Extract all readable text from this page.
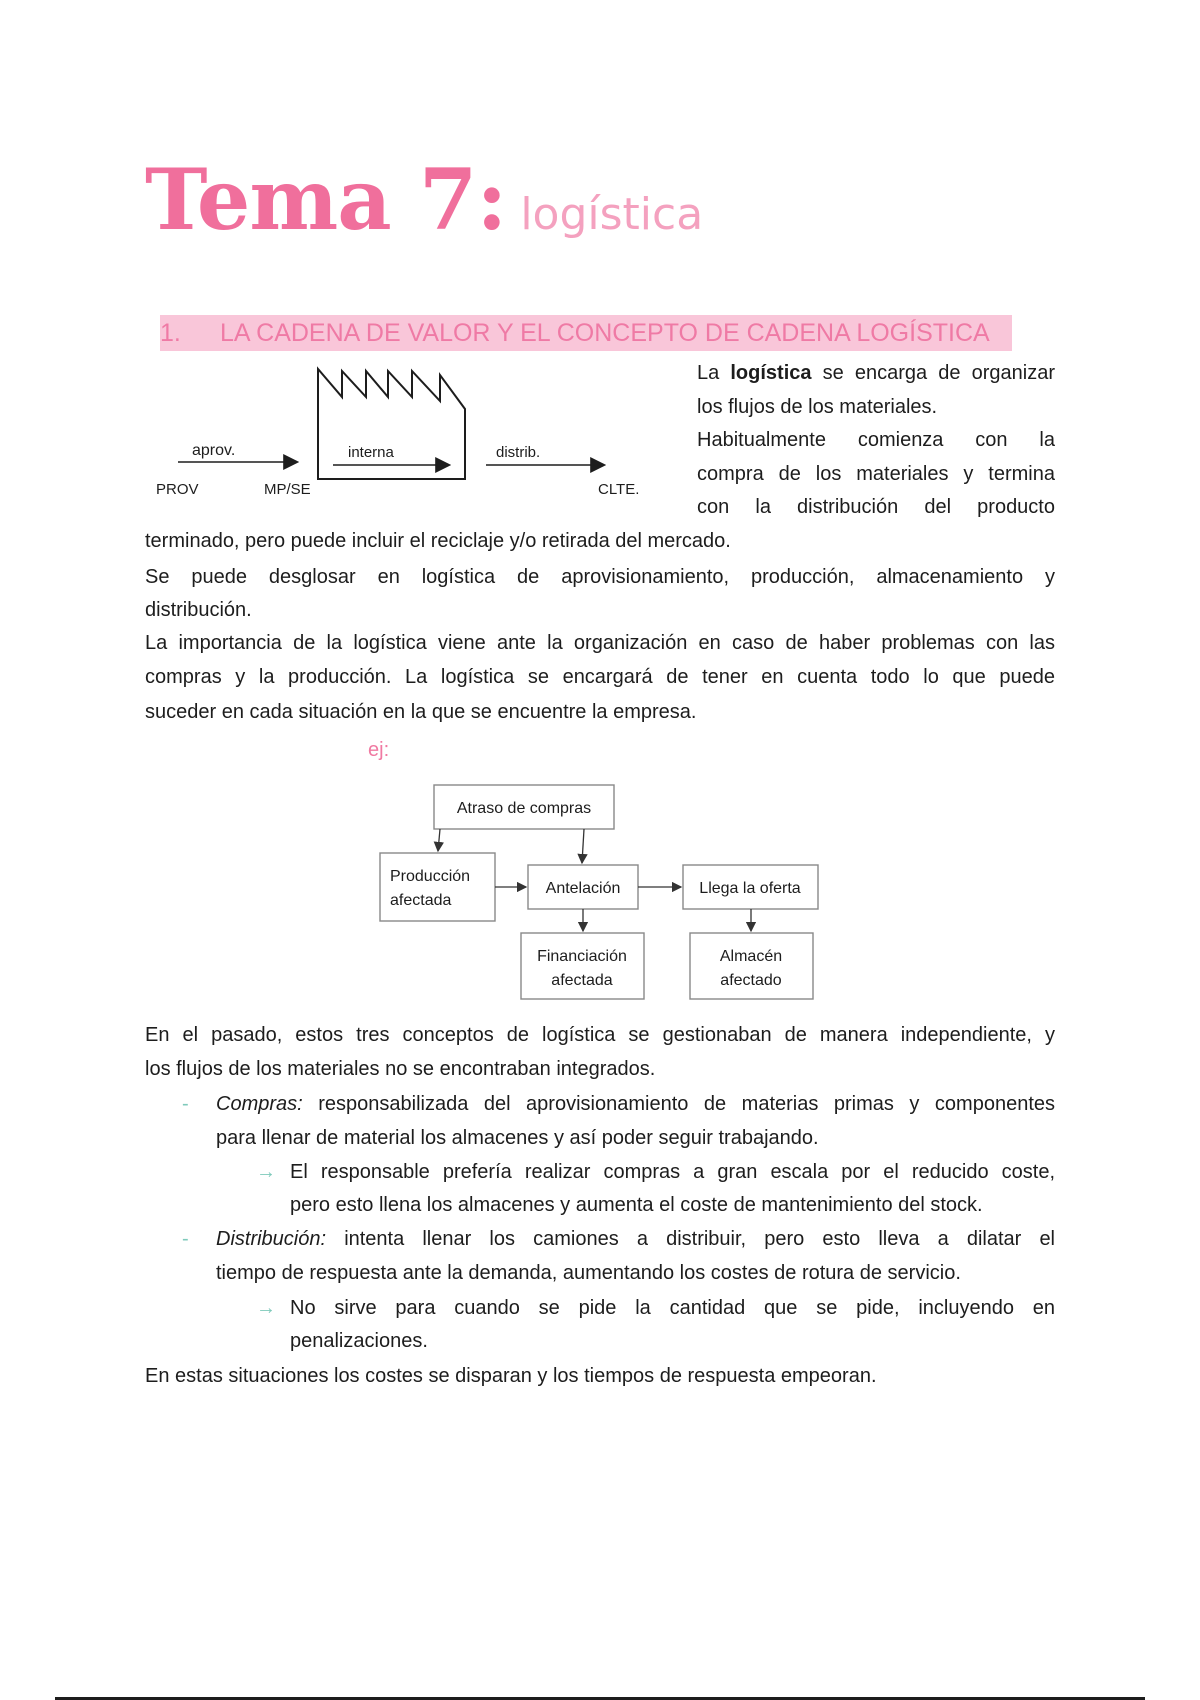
Tema 7: logística
1. LA CADENA DE VALOR Y EL CONCEPTO DE CADENA LOGÍSTICA
aprov.	interna	distrib.
PROV	MP/SE	CLTE.
La logística se encarga de organizar
los flujos de los materiales.
Habitualmente comienza con la
compra de los materiales y termina
con la distribución del producto
terminado, pero puede incluir el reciclaje y/o retirada del mercado.
Se puede desglosar en logística de aprovisionamiento, producción, almacenamiento y
distribución.
La importancia de la logística viene ante la organización en caso de haber problemas con las
compras y la producción. La logística se encargará de tener en cuenta todo lo que puede
suceder en cada situación en la que se encuentre la empresa.
ej:
Atraso de compras
Producción
afectada
Antelación	Llega la oferta
Financiación
afectada
Almacén
afectado
En el pasado, estos tres conceptos de logística se gestionaban de manera independiente, y
los flujos de los materiales no se encontraban integrados.
- Compras: responsabilizada del aprovisionamiento de materias primas y componentes
para llenar de material los almacenes y así poder seguir trabajando.
→ El responsable prefería realizar compras a gran escala por el reducido coste,
pero esto llena los almacenes y aumenta el coste de mantenimiento del stock.
- Distribución: intenta llenar los camiones a distribuir, pero esto lleva a dilatar el
tiempo de respuesta ante la demanda, aumentando los costes de rotura de servicio.
→ No sirve para cuando se pide la cantidad que se pide, incluyendo en
penalizaciones.
En estas situaciones los costes se disparan y los tiempos de respuesta empeoran.
